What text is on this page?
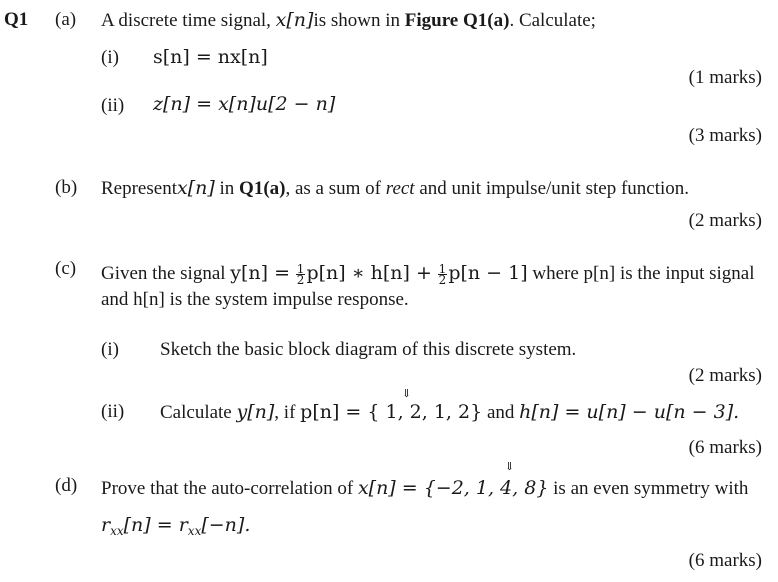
Q1 (a) A discrete time signal, x[n]is shown in Figure Q1(a). Calculate;
(i) s[n] = nx[n]
(1 marks)
(ii) z[n] = x[n]u[2 − n]
(3 marks)
(b) Representx[n] in Q1(a), as a sum of rect and unit impulse/unit step function.
(2 marks)
(c) Given the signal $y[n] = \frac{1}{2} p[n]$ ∗ $h[n] + \frac{1}{2} p[n - 1]$ where p[n] is the input signal
and h[n] is the system impulse response.
(i) Sketch the basic block diagram of this discrete system.
(2 marks)
⇓
(ii) Calculate y[n], if p[n] = { 1, 2, 1, 2} and h[n] = u[n] − u[n − 3].
(6 marks)
⇓
(d) Prove that the auto-correlation of x[n] = {−2, 1, 4, 8} is an even symmetry with
$r_{xx}[n] = r_{xx}[-n]$.
(6 marks)
